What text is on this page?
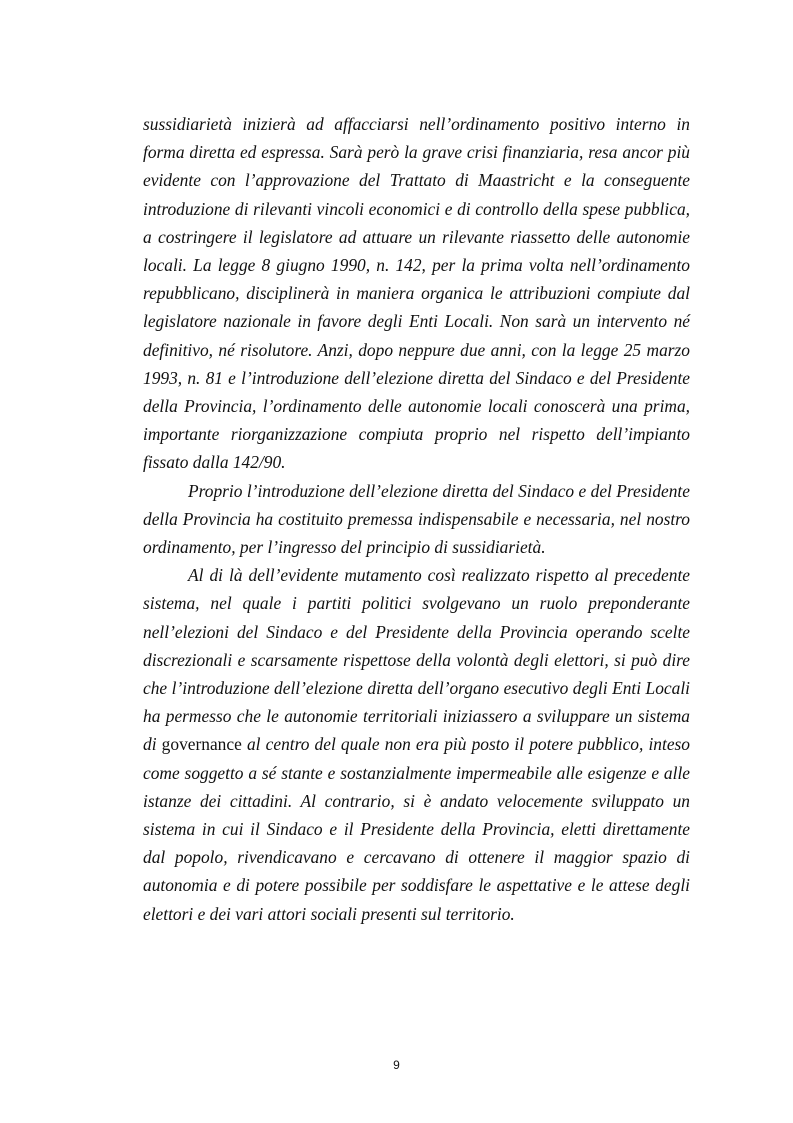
sussidiarietà inizierà ad affacciarsi nell’ordinamento positivo interno in forma diretta ed espressa. Sarà però la grave crisi finanziaria, resa ancor più evidente con l’approvazione del Trattato di Maastricht e la conseguente introduzione di rilevanti vincoli economici e di controllo della spese pubblica, a costringere il legislatore ad attuare un rilevante riassetto delle autonomie locali. La legge 8 giugno 1990, n. 142, per la prima volta nell’ordinamento repubblicano, disciplinerà in maniera organica le attribuzioni compiute dal legislatore nazionale in favore degli Enti Locali. Non sarà un intervento né definitivo, né risolutore. Anzi, dopo neppure due anni, con la legge 25 marzo 1993, n. 81 e l’introduzione dell’elezione diretta del Sindaco e del Presidente della Provincia, l’ordinamento delle autonomie locali conoscerà una prima, importante riorganizzazione compiuta proprio nel rispetto dell’impianto fissato dalla 142/90.

Proprio l’introduzione dell’elezione diretta del Sindaco e del Presidente della Provincia ha costituito premessa indispensabile e necessaria, nel nostro ordinamento, per l’ingresso del principio di sussidiarietà.

Al di là dell’evidente mutamento così realizzato rispetto al precedente sistema, nel quale i partiti politici svolgevano un ruolo preponderante nell’elezioni del Sindaco e del Presidente della Provincia operando scelte discrezionali e scarsamente rispettose della volontà degli elettori, si può dire che l’introduzione dell’elezione diretta dell’organo esecutivo degli Enti Locali ha permesso che le autonomie territoriali iniziassero a sviluppare un sistema di governance al centro del quale non era più posto il potere pubblico, inteso come soggetto a sé stante e sostanzialmente impermeabile alle esigenze e alle istanze dei cittadini. Al contrario, si è andato velocemente sviluppato un sistema in cui il Sindaco e il Presidente della Provincia, eletti direttamente dal popolo, rivendicavano e cercavano di ottenere il maggior spazio di autonomia e di potere possibile per soddisfare le aspettative e le attese degli elettori e dei vari attori sociali presenti sul territorio.

9
